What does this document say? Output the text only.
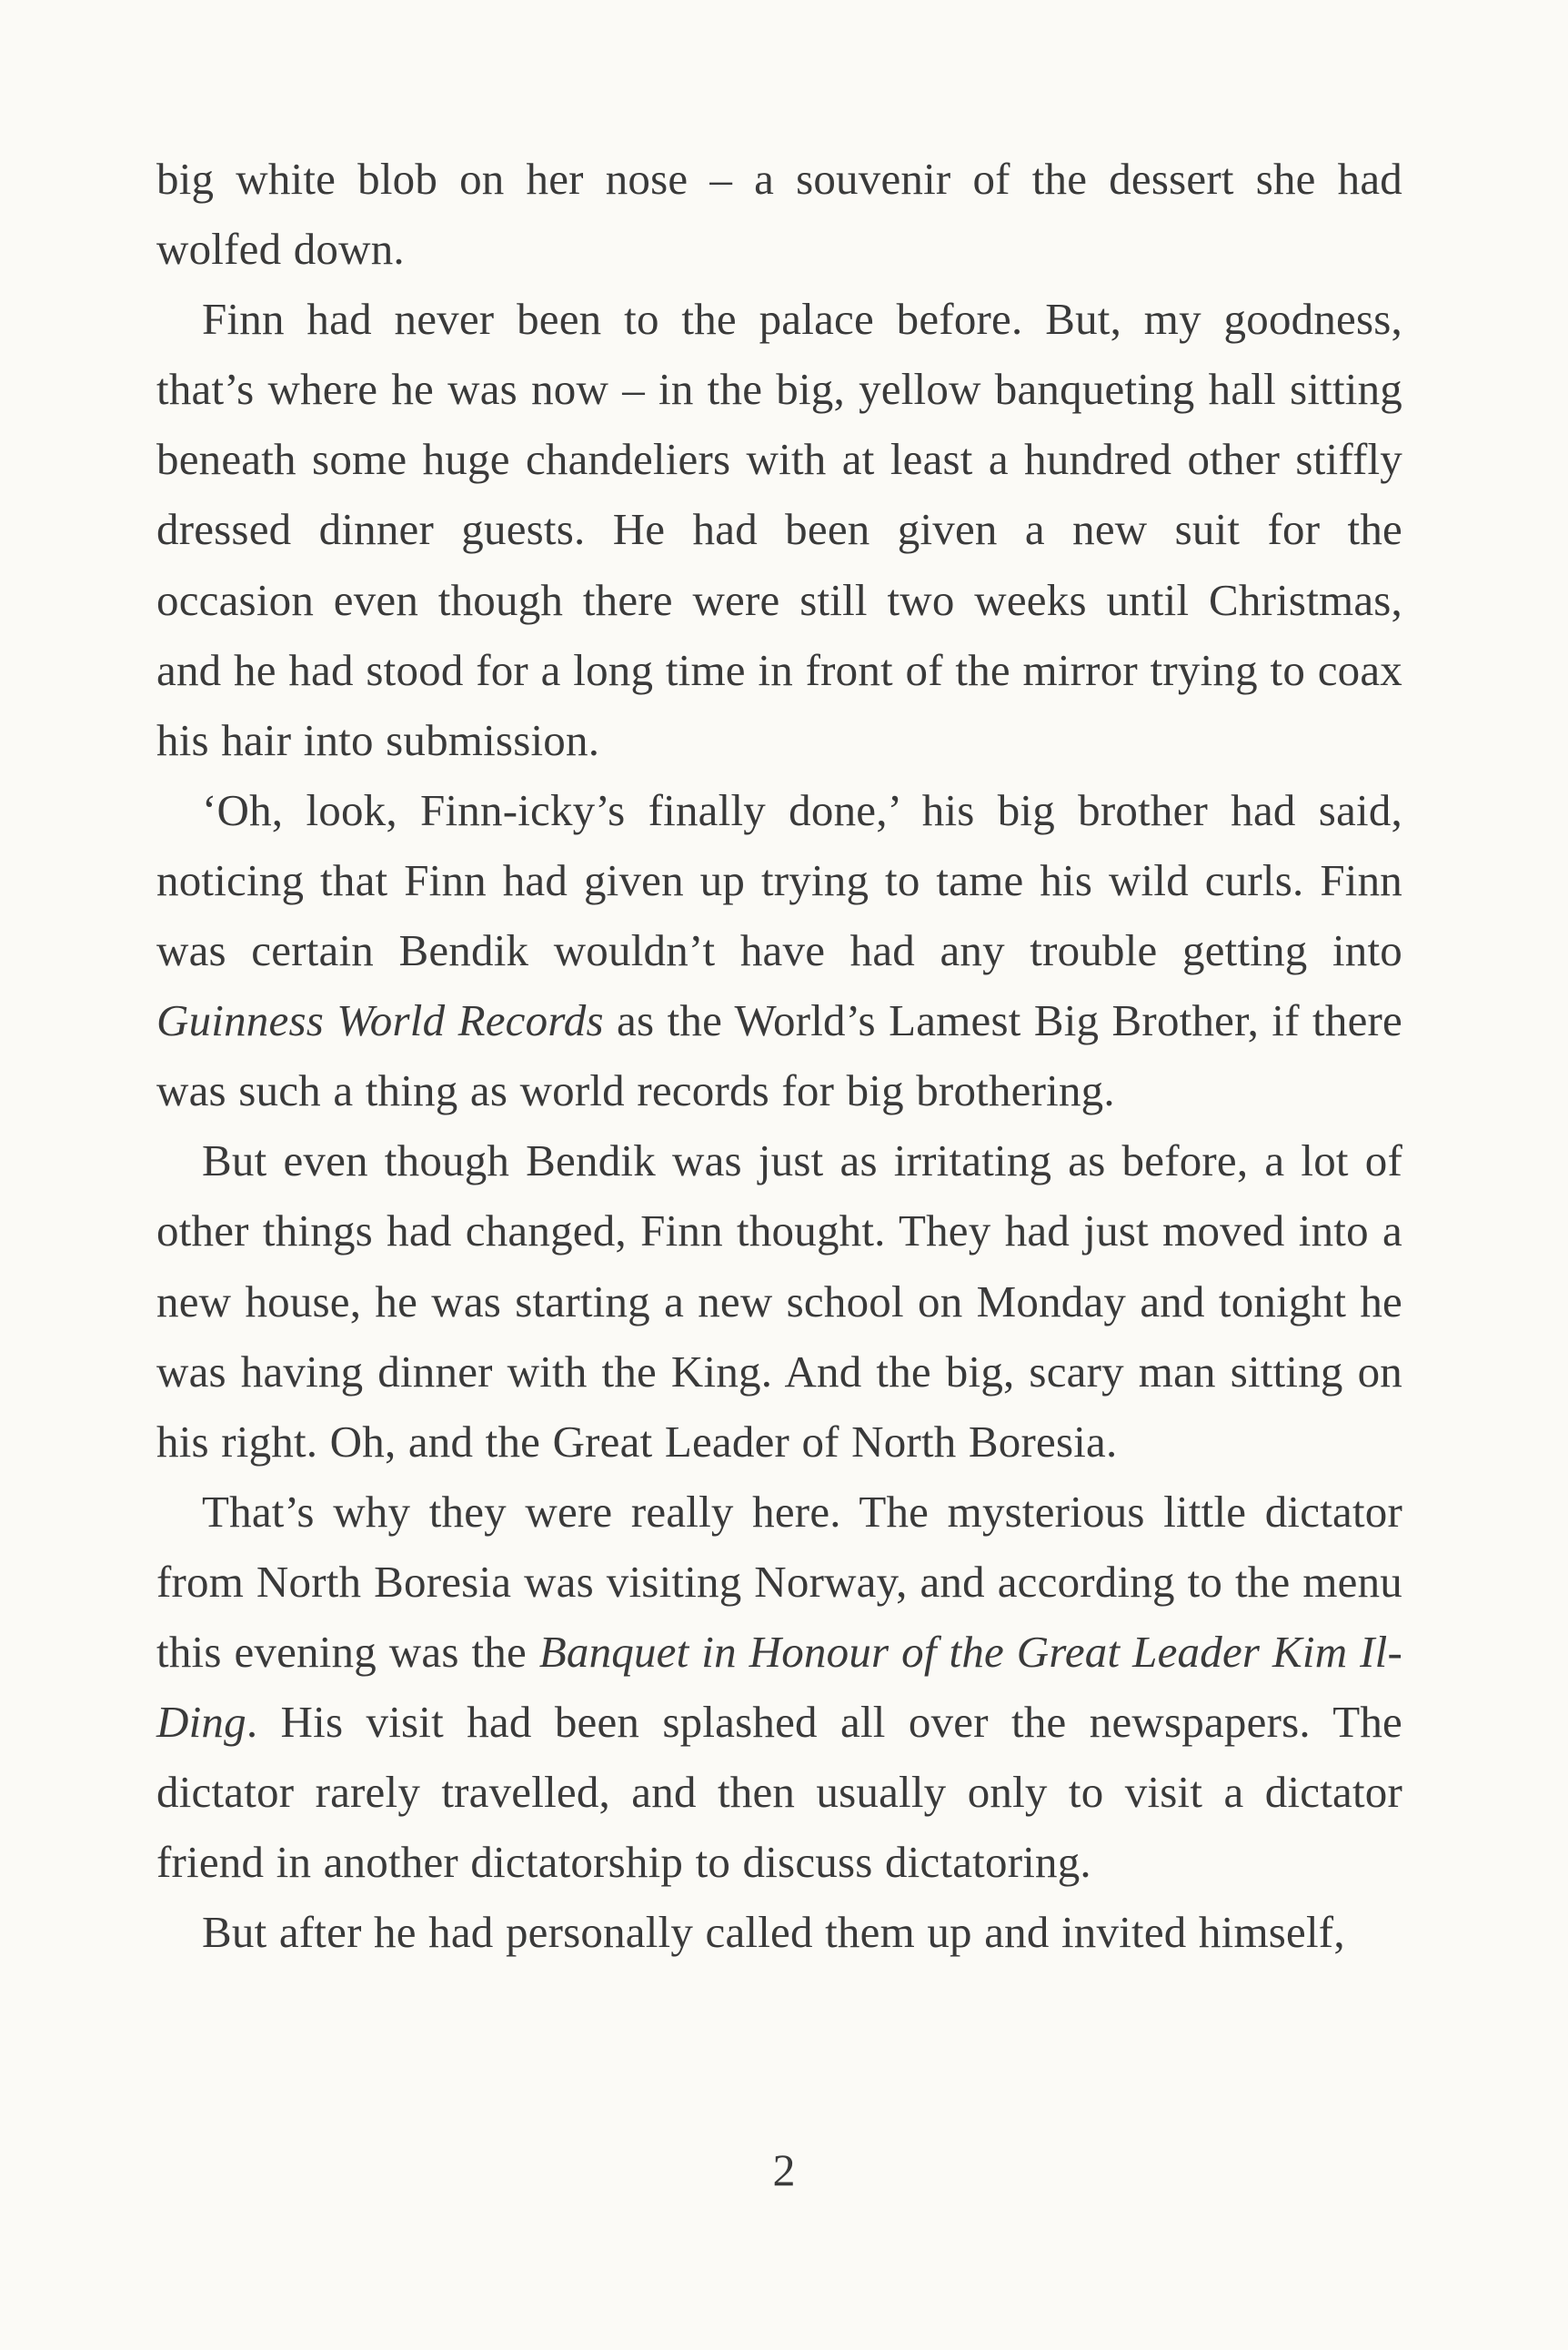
big white blob on her nose – a souvenir of the dessert she had wolfed down.

Finn had never been to the palace before. But, my goodness, that’s where he was now – in the big, yellow banqueting hall sitting beneath some huge chandeliers with at least a hundred other stiffly dressed dinner guests. He had been given a new suit for the occasion even though there were still two weeks until Christmas, and he had stood for a long time in front of the mirror trying to coax his hair into submission.

‘Oh, look, Finn-icky’s finally done,’ his big brother had said, noticing that Finn had given up trying to tame his wild curls. Finn was certain Bendik wouldn’t have had any trouble getting into Guinness World Records as the World’s Lamest Big Brother, if there was such a thing as world records for big brothering.

But even though Bendik was just as irritating as before, a lot of other things had changed, Finn thought. They had just moved into a new house, he was starting a new school on Monday and tonight he was having dinner with the King. And the big, scary man sitting on his right. Oh, and the Great Leader of North Boresia.

That’s why they were really here. The mysterious little dictator from North Boresia was visiting Norway, and according to the menu this evening was the Banquet in Honour of the Great Leader Kim Il-Ding. His visit had been splashed all over the newspapers. The dictator rarely travelled, and then usually only to visit a dictator friend in another dictatorship to discuss dictatoring.

But after he had personally called them up and invited himself,

2
